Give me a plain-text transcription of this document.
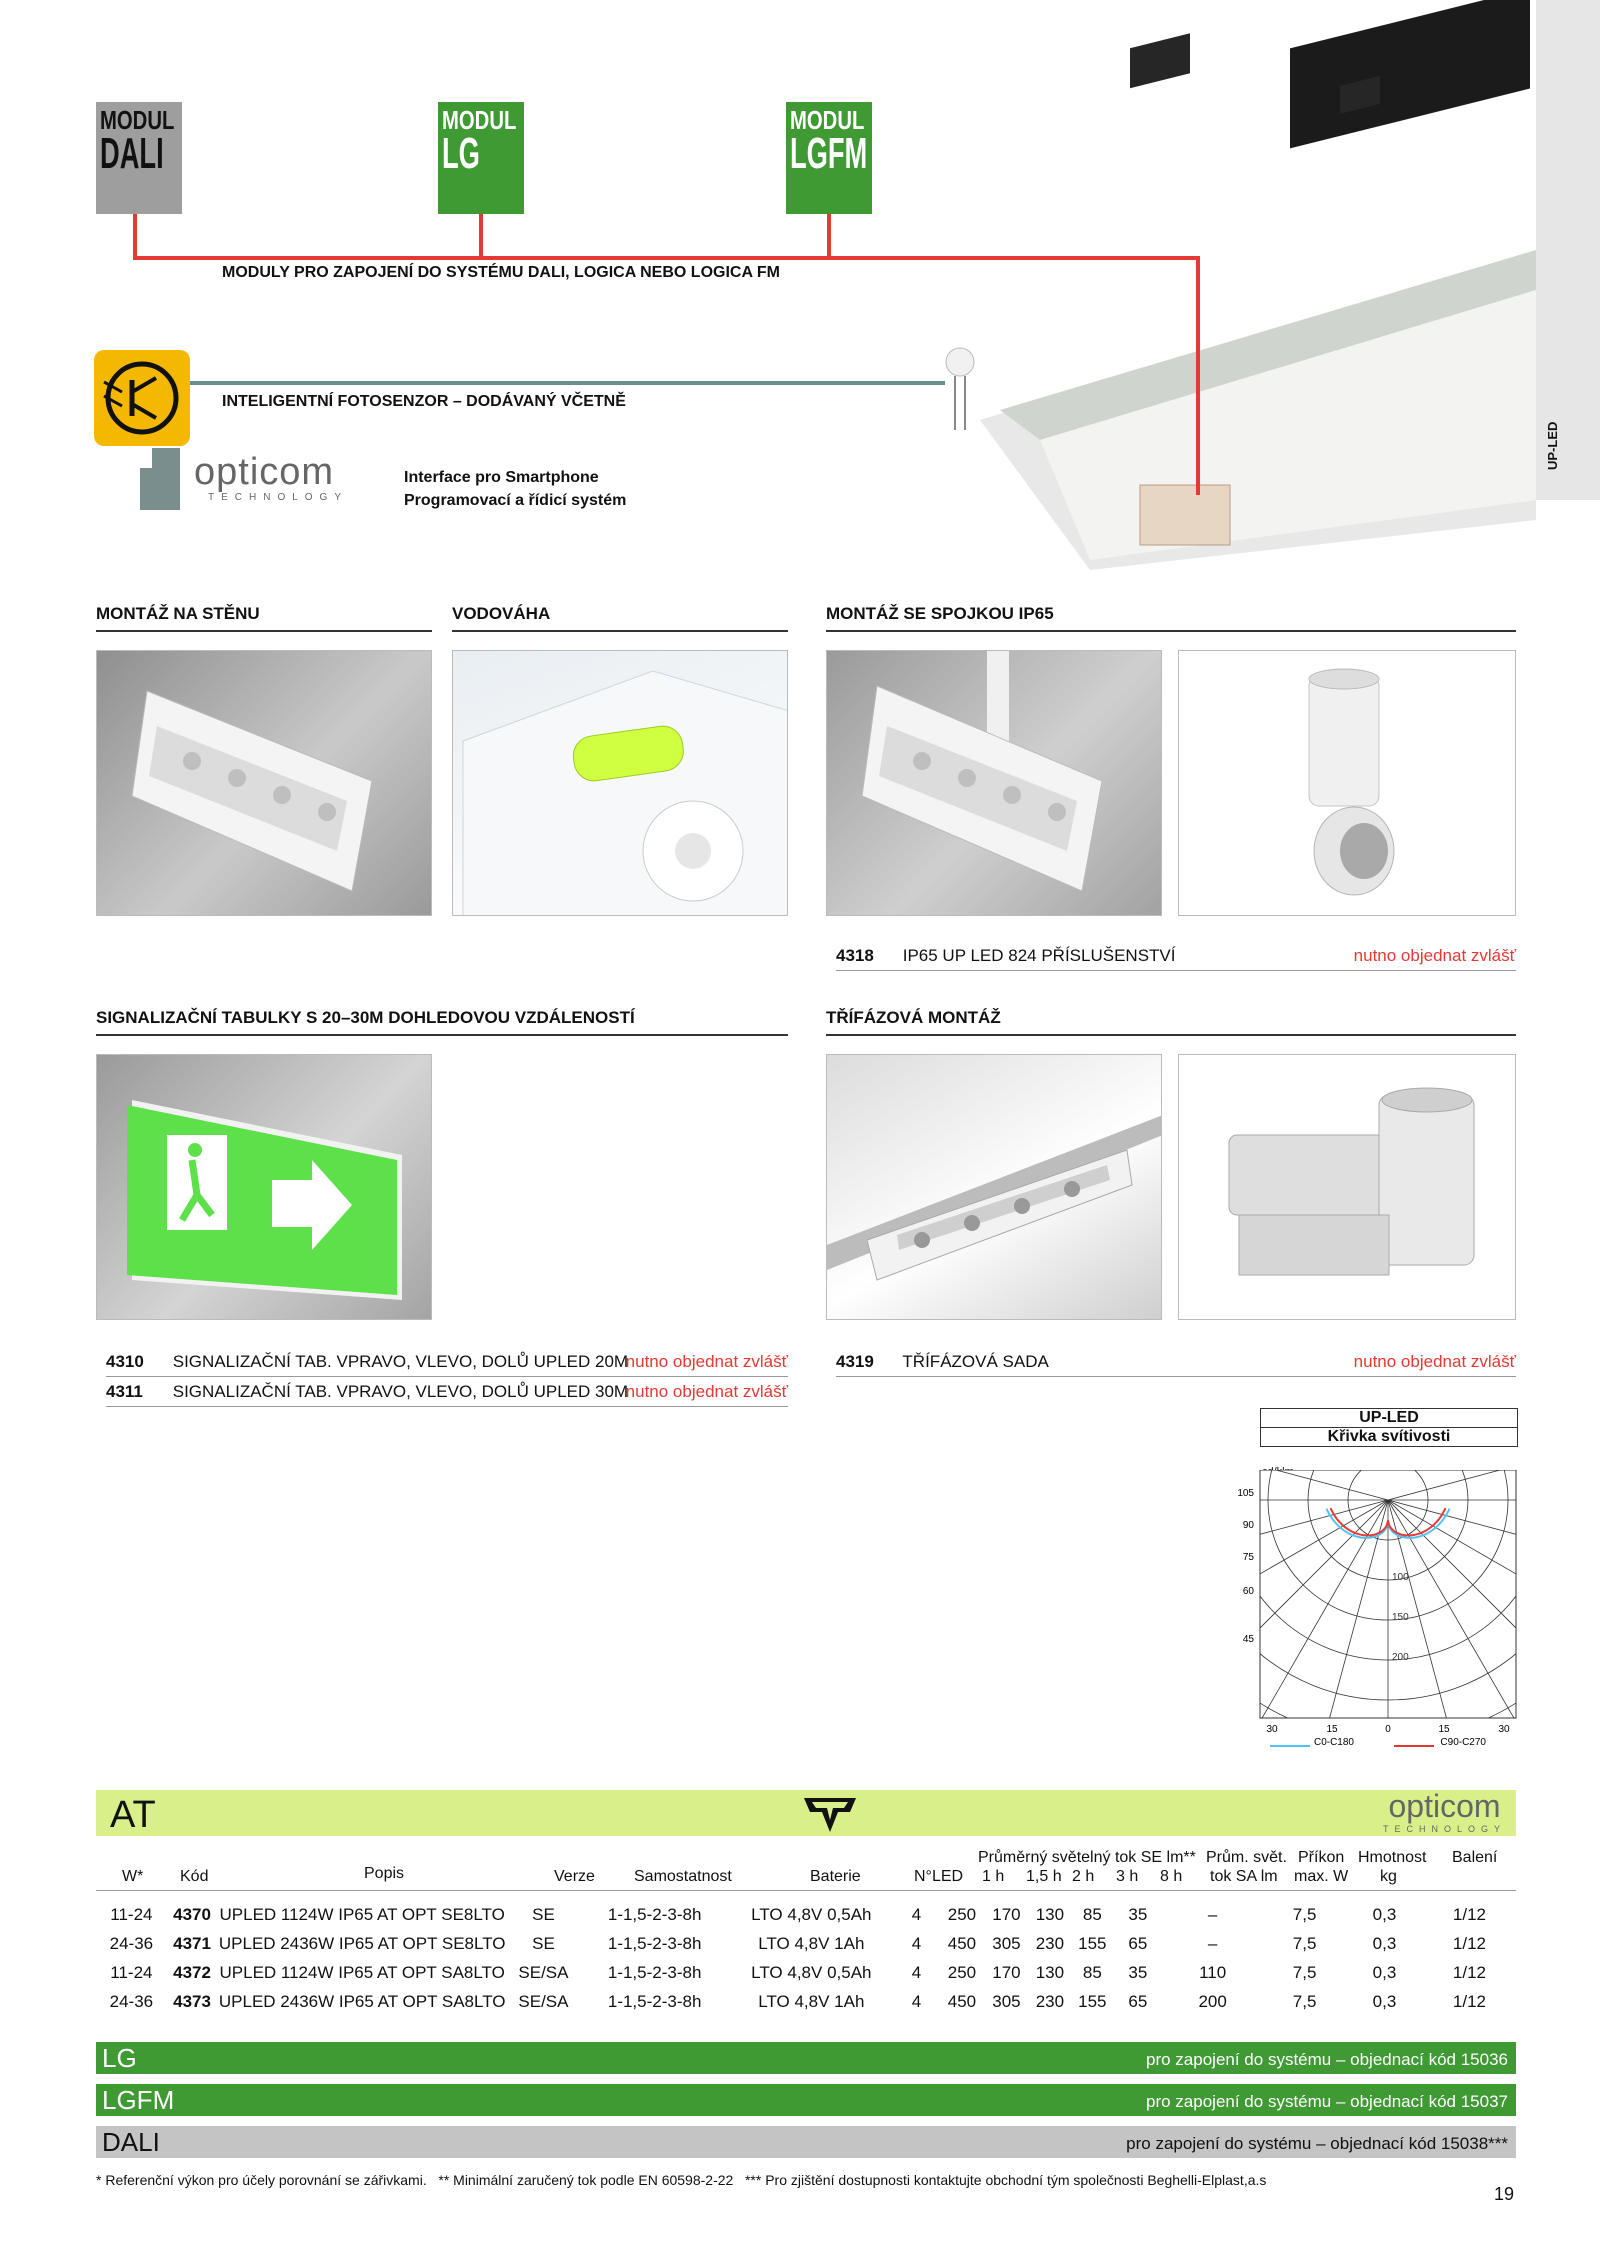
UP-LED
MODUL
DALI
MODUL
LG
MODUL
LGFM
MODULY PRO ZAPOJENÍ DO SYSTÉMU DALI, LOGICA NEBO LOGICA FM
INTELIGENTNÍ FOTOSENZOR – DODÁVANÝ VČETNĚ
opticom
TECHNOLOGY
Interface pro Smartphone
Programovací a řídicí systém
MONTÁŽ NA STĚNU	VODOVÁHA	MONTÁŽ SE SPOJKOU IP65
4318 IP65 UP LED 824 PŘÍSLUŠENSTVÍ	nutno objednat zvlášť
SIGNALIZAČNÍ TABULKY S 20–30M DOHLEDOVOU VZDÁLENOSTÍ	TŘÍFÁZOVÁ MONTÁŽ
4310 SIGNALIZAČNÍ TAB. VPRAVO, VLEVO, DOLŮ UPLED 20M
nutno objednat zvlášť
4311 SIGNALIZAČNÍ TAB. VPRAVO, VLEVO, DOLŮ UPLED 30M
nutno objednat zvlášť
4319 TŘÍFÁZOVÁ SADA	nutno objednat zvlášť
UP-LED
Křivka svítivosti
105
90
75
60
45
100
150
200
30	15	0	15	30
C0-C180	C90-C270
AT	opticom
TECHNOLOGY
W* Kód	Popis	Verze Samostatnost	Baterie	N°LED
Průměrný světelný tok SE lm**
1 h 1,5 h 2 h 3 h 8 h
Prům. svět.
tok SA lm
Příkon
max. W
Hmotnost
kg
Balení
11-24	4370	UPLED 1124W IP65 AT OPT SE8LTO	SE	1-1,5-2-3-8h	LTO 4,8V 0,5Ah	4	250	170	130	85	35	–	7,5	0,3	1/12
24-36	4371	UPLED 2436W IP65 AT OPT SE8LTO	SE	1-1,5-2-3-8h	LTO 4,8V 1Ah	4	450	305	230	155	65	–	7,5	0,3	1/12
11-24	4372	UPLED 1124W IP65 AT OPT SA8LTO	SE/SA	1-1,5-2-3-8h	LTO 4,8V 0,5Ah	4	250	170	130	85	35	110	7,5	0,3	1/12
24-36	4373	UPLED 2436W IP65 AT OPT SA8LTO	SE/SA	1-1,5-2-3-8h	LTO 4,8V 1Ah	4	450	305	230	155	65	200	7,5	0,3	1/12
LG	pro zapojení do systému – objednací kód 15036
LGFM	pro zapojení do systému – objednací kód 15037
DALI	pro zapojení do systému – objednací kód 15038***
* Referenční výkon pro účely porovnání se zářivkami.   ** Minimální zaručený tok podle EN 60598-2-22   *** Pro zjištění dostupnosti kontaktujte obchodní tým společnosti Beghelli-Elplast,a.s
19
